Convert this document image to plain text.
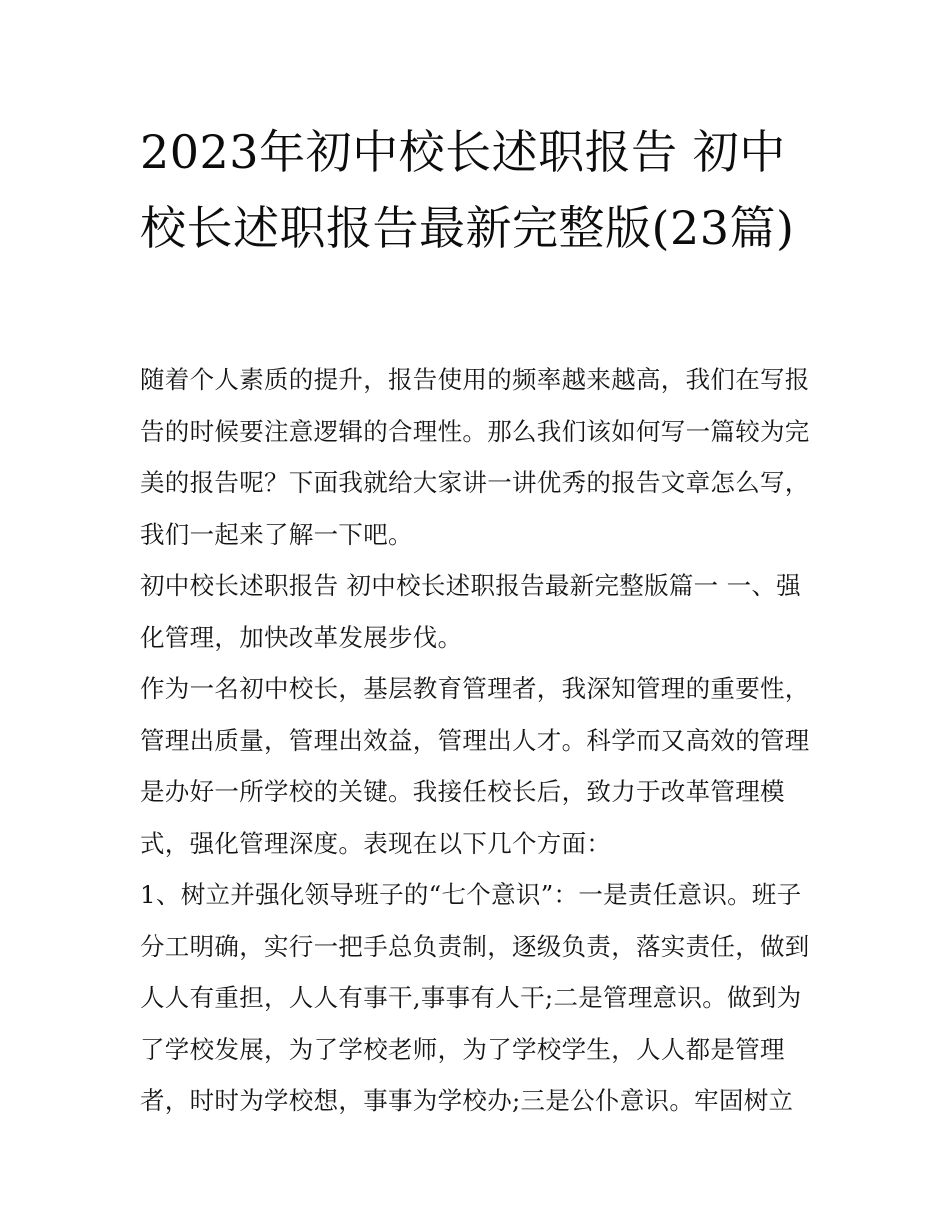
2023年初中校长述职报告 初中校长述职报告最新完整版(23篇)

随着个人素质的提升，报告使用的频率越来越高，我们在写报告的时候要注意逻辑的合理性。那么我们该如何写一篇较为完美的报告呢？下面我就给大家讲一讲优秀的报告文章怎么写，我们一起来了解一下吧。

初中校长述职报告 初中校长述职报告最新完整版篇一 一、强化管理，加快改革发展步伐。

作为一名初中校长，基层教育管理者，我深知管理的重要性，管理出质量，管理出效益，管理出人才。科学而又高效的管理是办好一所学校的关键。我接任校长后，致力于改革管理模式，强化管理深度。表现在以下几个方面：

1、树立并强化领导班子的“七个意识”：一是责任意识。班子分工明确，实行一把手总负责制，逐级负责，落实责任，做到人人有重担，人人有事干,事事有人干;二是管理意识。做到为了学校发展，为了学校老师，为了学校学生，人人都是管理者，时时为学校想，事事为学校办;三是公仆意识。牢固树立
